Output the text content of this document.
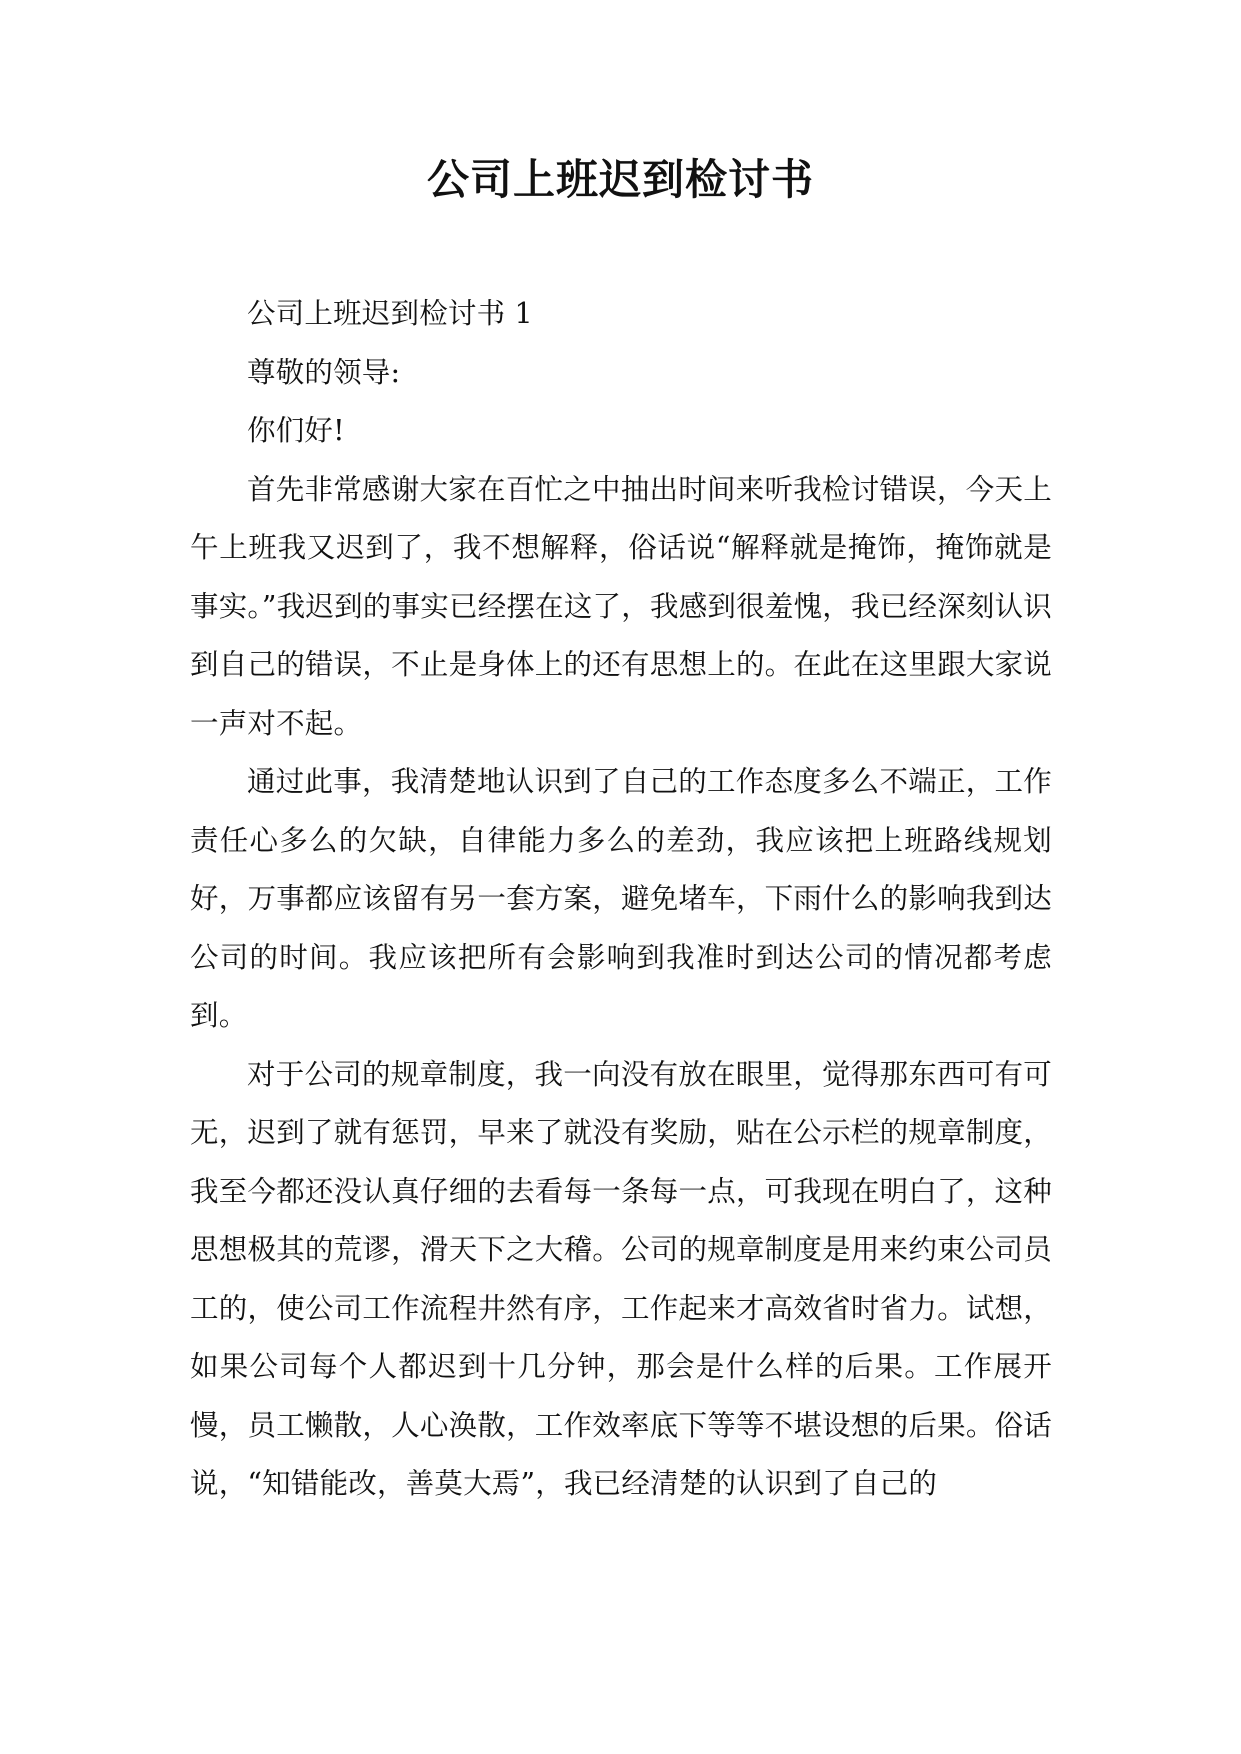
公司上班迟到检讨书

公司上班迟到检讨书 1

尊敬的领导:

你们好!

首先非常感谢大家在百忙之中抽出时间来听我检讨错误，今天上午上班我又迟到了，我不想解释，俗话说“解释就是掩饰，掩饰就是事实。”我迟到的事实已经摆在这了，我感到很羞愧，我已经深刻认识到自己的错误，不止是身体上的还有思想上的。在此在这里跟大家说一声对不起。

通过此事，我清楚地认识到了自己的工作态度多么不端正，工作责任心多么的欠缺，自律能力多么的差劲，我应该把上班路线规划好，万事都应该留有另一套方案，避免堵车，下雨什么的影响我到达公司的时间。我应该把所有会影响到我准时到达公司的情况都考虑到。

对于公司的规章制度，我一向没有放在眼里，觉得那东西可有可无，迟到了就有惩罚，早来了就没有奖励，贴在公示栏的规章制度，我至今都还没认真仔细的去看每一条每一点，可我现在明白了，这种思想极其的荒谬，滑天下之大稽。公司的规章制度是用来约束公司员工的，使公司工作流程井然有序，工作起来才高效省时省力。试想，如果公司每个人都迟到十几分钟，那会是什么样的后果。工作展开慢，员工懒散，人心涣散，工作效率底下等等不堪设想的后果。俗话说，“知错能改，善莫大焉”，我已经清楚的认识到了自己的
